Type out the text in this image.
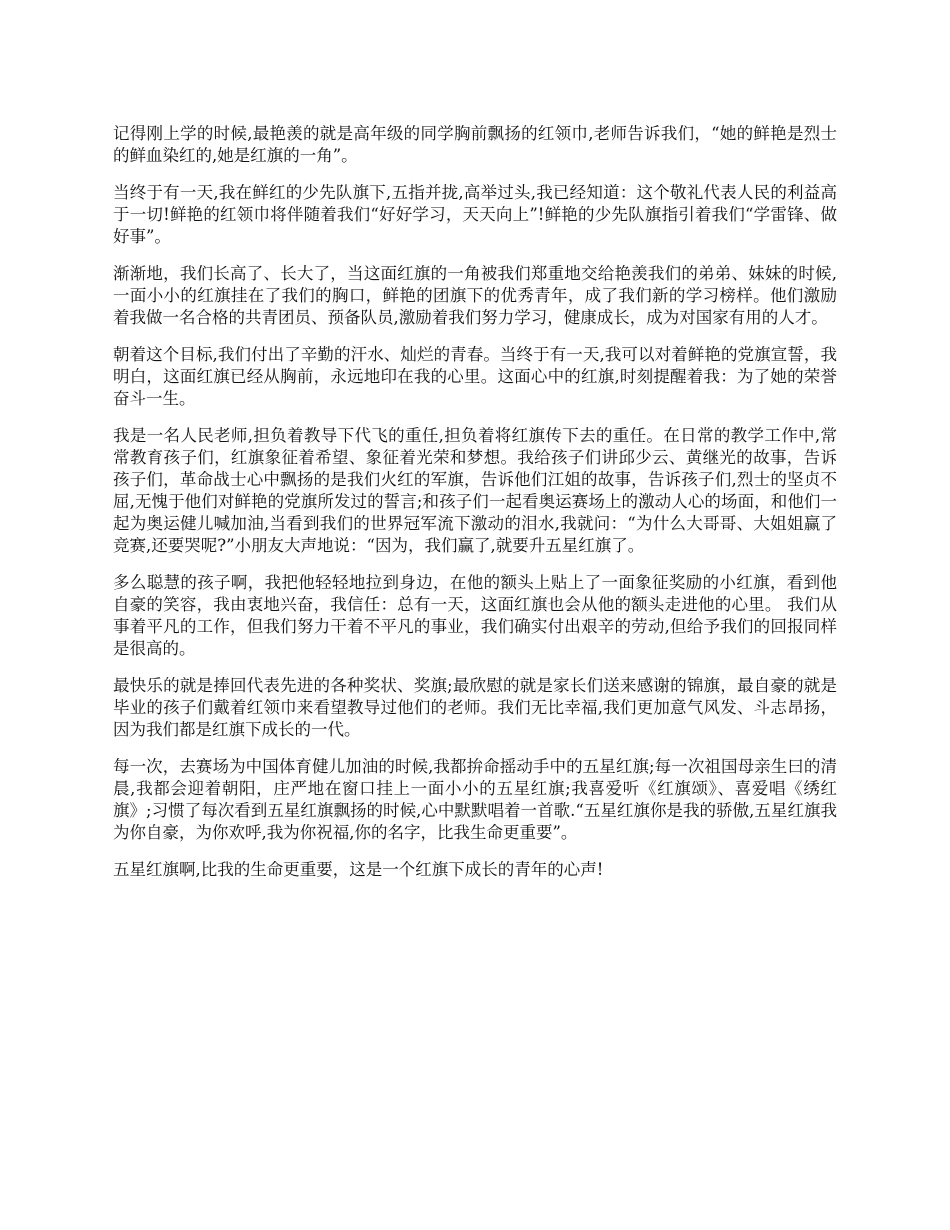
记得刚上学的时候,最艳羡的就是高年级的同学胸前飘扬的红领巾,老师告诉我们，“她的鲜艳是烈士的鲜血染红的,她是红旗的一角”。

当终于有一天,我在鲜红的少先队旗下,五指并拢,高举过头,我已经知道：这个敬礼代表人民的利益高于一切!鲜艳的红领巾将伴随着我们“好好学习，天天向上”!鲜艳的少先队旗指引着我们“学雷锋、做好事”。

渐渐地，我们长高了、长大了，当这面红旗的一角被我们郑重地交给艳羡我们的弟弟、妹妹的时候,一面小小的红旗挂在了我们的胸口，鲜艳的团旗下的优秀青年，成了我们新的学习榜样。他们激励着我做一名合格的共青团员、预备队员,激励着我们努力学习，健康成长，成为对国家有用的人才。

朝着这个目标,我们付出了辛勤的汗水、灿烂的青春。当终于有一天,我可以对着鲜艳的党旗宣誓，我明白，这面红旗已经从胸前，永远地印在我的心里。这面心中的红旗,时刻提醒着我：为了她的荣誉奋斗一生。

我是一名人民老师,担负着教导下代飞的重任,担负着将红旗传下去的重任。在日常的教学工作中,常常教育孩子们，红旗象征着希望、象征着光荣和梦想。我给孩子们讲邱少云、黄继光的故事，告诉孩子们，革命战士心中飘扬的是我们火红的军旗，告诉他们江姐的故事，告诉孩子们,烈士的坚贞不屈,无愧于他们对鲜艳的党旗所发过的誓言;和孩子们一起看奥运赛场上的激动人心的场面，和他们一起为奥运健儿喊加油,当看到我们的世界冠军流下激动的泪水,我就问：“为什么大哥哥、大姐姐赢了竞赛,还要哭呢?”小朋友大声地说：“因为，我们赢了,就要升五星红旗了。

多么聪慧的孩子啊，我把他轻轻地拉到身边，在他的额头上贴上了一面象征奖励的小红旗，看到他自豪的笑容，我由衷地兴奋，我信任：总有一天，这面红旗也会从他的额头走进他的心里。 我们从事着平凡的工作，但我们努力干着不平凡的事业，我们确实付出艰辛的劳动,但给予我们的回报同样是很高的。

最快乐的就是捧回代表先进的各种奖状、奖旗;最欣慰的就是家长们送来感谢的锦旗，最自豪的就是毕业的孩子们戴着红领巾来看望教导过他们的老师。我们无比幸福,我们更加意气风发、斗志昂扬，因为我们都是红旗下成长的一代。

每一次，去赛场为中国体育健儿加油的时候,我都拚命摇动手中的五星红旗;每一次祖国母亲生曰的清晨,我都会迎着朝阳，庄严地在窗口挂上一面小小的五星红旗;我喜爱听《红旗颂》、喜爱唱《绣红旗》;习惯了每次看到五星红旗飘扬的时候,心中默默唱着一首歌.“五星红旗你是我的骄傲,五星红旗我为你自豪，为你欢呼,我为你祝福,你的名字，比我生命更重要”。

五星红旗啊,比我的生命更重要，这是一个红旗下成长的青年的心声!
